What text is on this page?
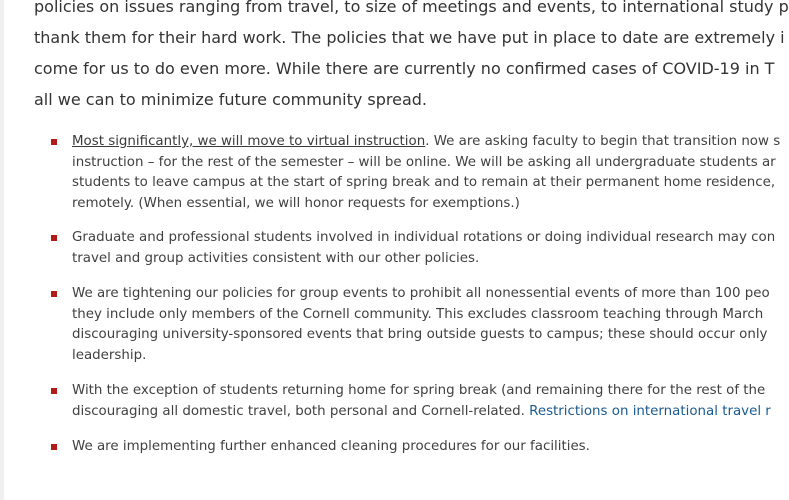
policies on issues ranging from travel, to size of meetings and events, to international study p

thank them for their hard work. The policies that we have put in place to date are extremely i

come for us to do even more. While there are currently no confirmed cases of COVID-19 in T

all we can to minimize future community spread.

Most significantly, we will move to virtual instruction. We are asking faculty to begin that transition now s
instruction – for the rest of the semester – will be online. We will be asking all undergraduate students ar
students to leave campus at the start of spring break and to remain at their permanent home residence,
remotely. (When essential, we will honor requests for exemptions.)
Graduate and professional students involved in individual rotations or doing individual research may con
travel and group activities consistent with our other policies.
We are tightening our policies for group events to prohibit all nonessential events of more than 100 peo
they include only members of the Cornell community. This excludes classroom teaching through March
discouraging university-sponsored events that bring outside guests to campus; these should occur only
leadership.
With the exception of students returning home for spring break (and remaining there for the rest of the
discouraging all domestic travel, both personal and Cornell-related. Restrictions on international travel r
We are implementing further enhanced cleaning procedures for our facilities.
